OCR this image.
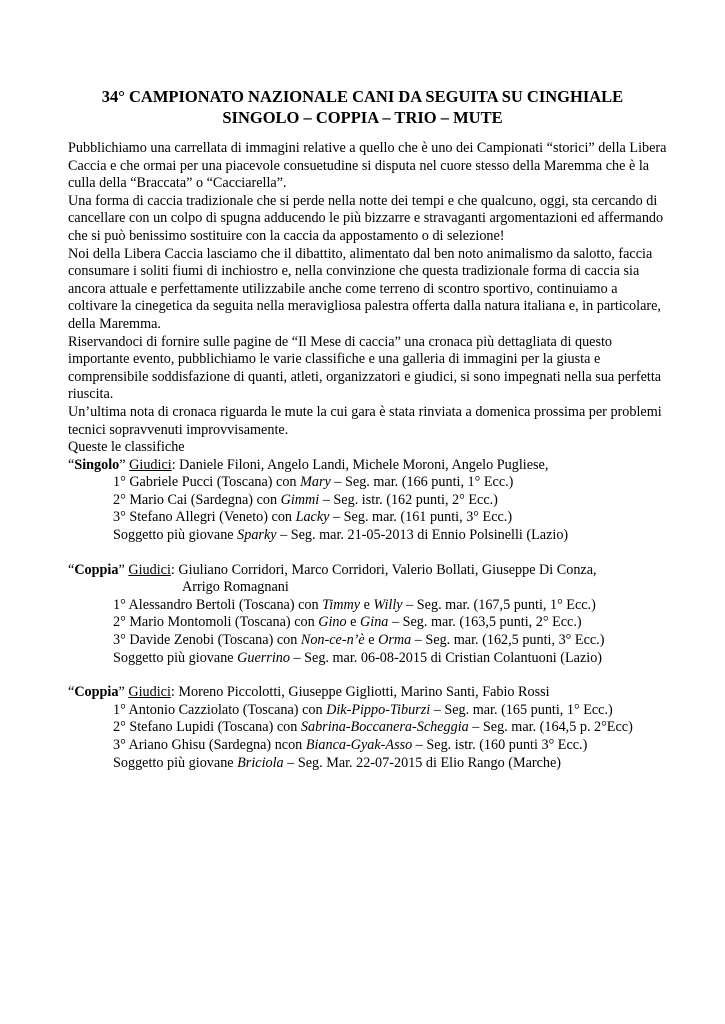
34° CAMPIONATO NAZIONALE CANI DA SEGUITA SU CINGHIALE
SINGOLO – COPPIA – TRIO – MUTE

Pubblichiamo una carrellata di immagini relative a quello che è uno dei Campionati “storici” della Libera Caccia e che ormai per una piacevole consuetudine si disputa nel cuore stesso della Maremma che è la culla della “Braccata” o “Cacciarella”.

Una forma di caccia tradizionale che si perde nella notte dei tempi e che qualcuno, oggi, sta cercando di cancellare con un colpo di spugna adducendo le più bizzarre e stravaganti argomentazioni ed affermando che si può benissimo sostituire con la caccia da appostamento o di selezione!

Noi della Libera Caccia lasciamo che il dibattito, alimentato dal ben noto animalismo da salotto, faccia consumare i soliti fiumi di inchiostro e, nella convinzione che questa tradizionale forma di caccia sia ancora attuale e perfettamente utilizzabile anche come terreno di scontro sportivo, continuiamo a coltivare la cinegetica da seguita nella meravigliosa palestra offerta dalla natura italiana e, in particolare, della Maremma.

Riservandoci di fornire sulle pagine de “Il Mese di caccia” una cronaca più dettagliata di questo importante evento, pubblichiamo le varie classifiche e una galleria di immagini per la giusta e comprensibile soddisfazione di quanti, atleti, organizzatori e giudici, si sono impegnati nella sua perfetta riuscita.

Un’ultima nota di cronaca riguarda le mute la cui gara è stata rinviata a domenica prossima per problemi tecnici sopravvenuti improvvisamente.

Queste le classifiche

“Singolo” Giudici: Daniele Filoni, Angelo Landi, Michele Moroni, Angelo Pugliese,
1° Gabriele Pucci (Toscana) con Mary – Seg. mar. (166 punti, 1° Ecc.)
2° Mario Cai (Sardegna) con Gimmi – Seg. istr. (162 punti, 2° Ecc.)
3° Stefano Allegri (Veneto) con Lacky – Seg. mar. (161 punti, 3° Ecc.)
Soggetto più giovane Sparky – Seg. mar. 21-05-2013 di Ennio Polsinelli (Lazio)
“Coppia” Giudici: Giuliano Corridori, Marco Corridori, Valerio Bollati, Giuseppe Di Conza,
Arrigo Romagnani
1° Alessandro Bertoli (Toscana) con Timmy e Willy – Seg. mar. (167,5 punti, 1° Ecc.)
2° Mario Montomoli (Toscana) con Gino e Gina – Seg. mar. (163,5 punti, 2° Ecc.)
3° Davide Zenobi (Toscana) con Non-ce-n’è e Orma – Seg. mar. (162,5 punti, 3° Ecc.)
Soggetto più giovane Guerrino – Seg. mar. 06-08-2015 di Cristian Colantuoni (Lazio)
“Coppia” Giudici: Moreno Piccolotti, Giuseppe Gigliotti, Marino Santi, Fabio Rossi
1° Antonio Cazziolato (Toscana) con Dik-Pippo-Tiburzi – Seg. mar. (165 punti, 1° Ecc.)
2° Stefano Lupidi (Toscana) con Sabrina-Boccanera-Scheggia – Seg. mar. (164,5 p. 2°Ecc)
3° Ariano Ghisu (Sardegna) ncon Bianca-Gyak-Asso – Seg. istr. (160 punti 3° Ecc.)
Soggetto più giovane Briciola – Seg. Mar. 22-07-2015 di Elio Rango (Marche)
